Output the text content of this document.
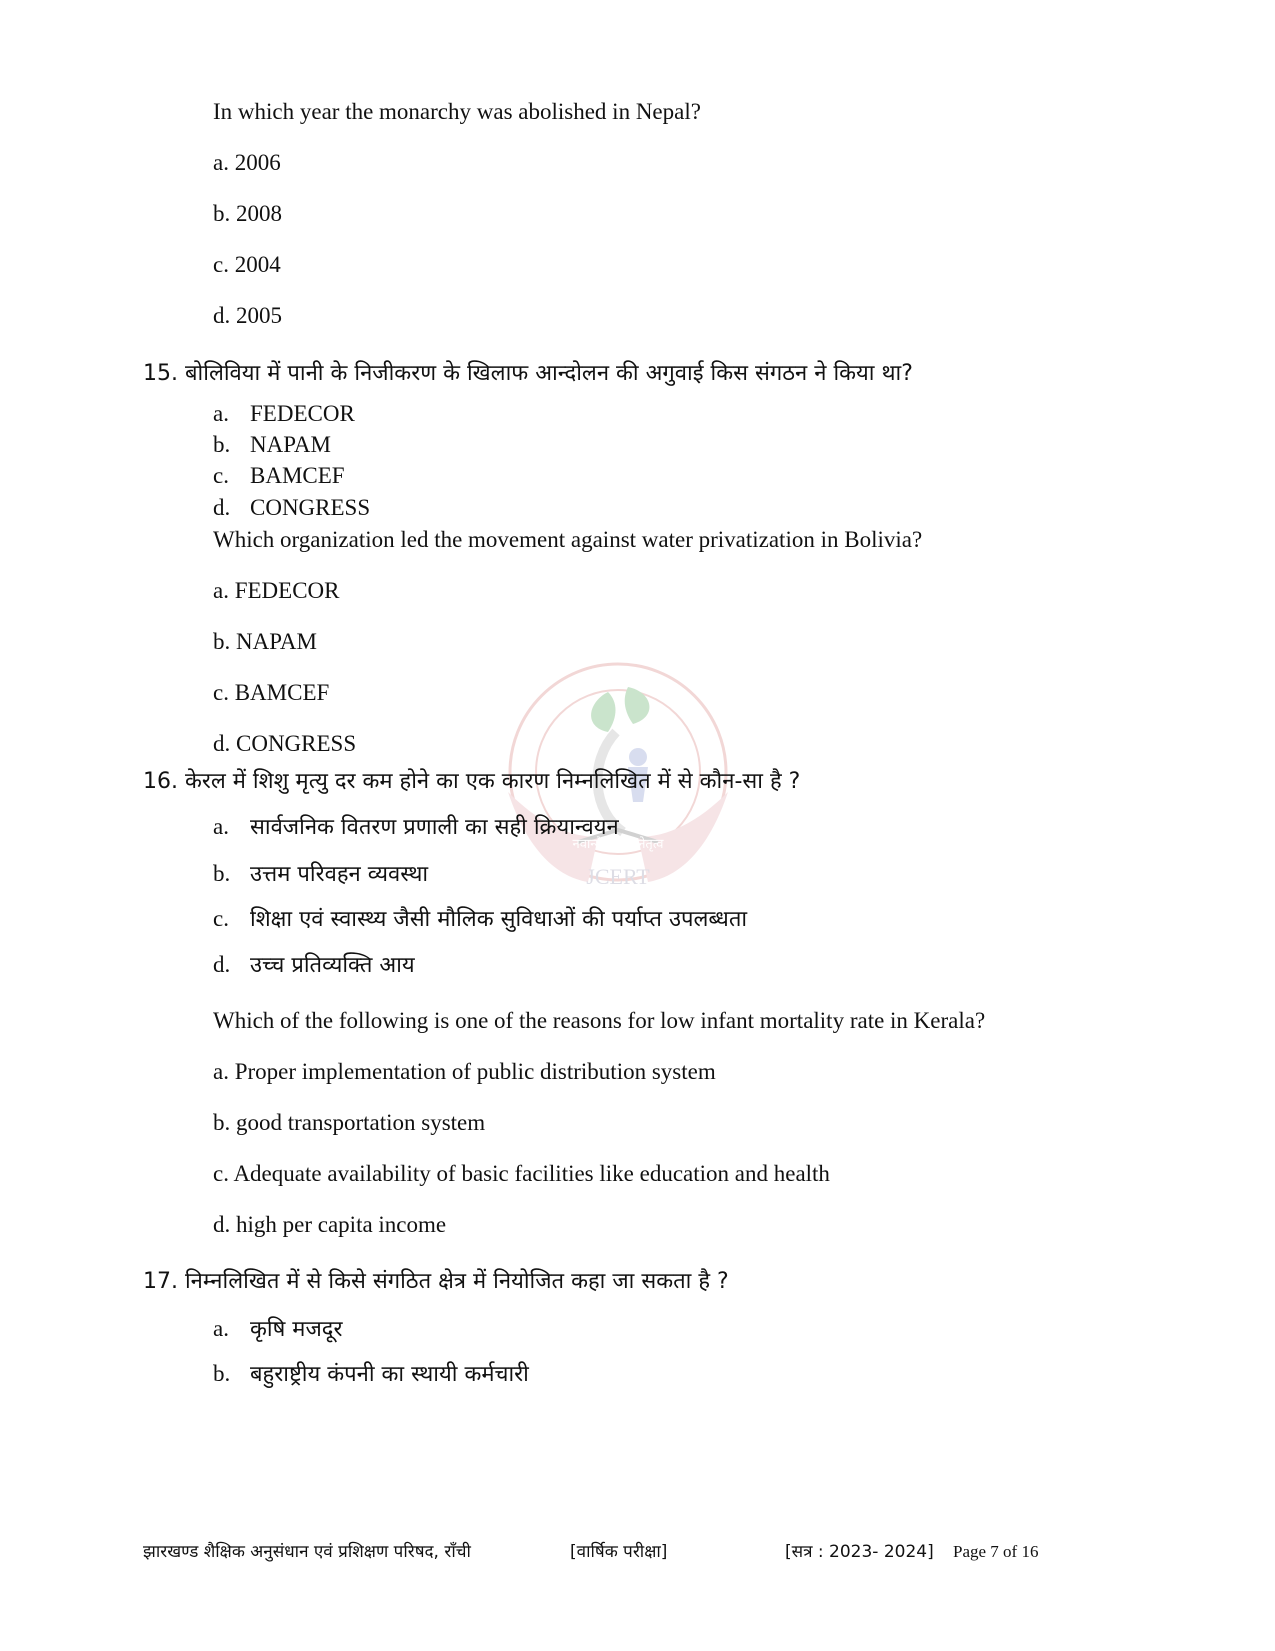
नवान्मेष शोध नेतृत्व
JCERT
In which year the monarchy was abolished in Nepal?
a. 2006
b. 2008
c. 2004
d. 2005
15. बोलिविया में पानी के निजीकरण के खिलाफ आन्दोलन की अगुवाई किस संगठन ने किया था?
a. FEDECOR
b. NAPAM
c. BAMCEF
d. CONGRESS
Which organization led the movement against water privatization in Bolivia?
a. FEDECOR
b. NAPAM
c. BAMCEF
d. CONGRESS
16. केरल में शिशु मृत्यु दर कम होने का एक कारण निम्नलिखित में से कौन-सा है ?
a. सार्वजनिक वितरण प्रणाली का सही क्रियान्वयन
b. उत्तम परिवहन व्यवस्था
c. शिक्षा एवं स्वास्थ्य जैसी मौलिक सुविधाओं की पर्याप्त उपलब्धता
d. उच्च प्रतिव्यक्ति आय
Which of the following is one of the reasons for low infant mortality rate in Kerala?
a. Proper implementation of public distribution system
b. good transportation system
c. Adequate availability of basic facilities like education and health
d. high per capita income
17. निम्नलिखित में से किसे संगठित क्षेत्र में नियोजित कहा जा सकता है ?
a. कृषि मजदूर
b. बहुराष्ट्रीय कंपनी का स्थायी कर्मचारी
झारखण्ड शैक्षिक अनुसंधान एवं प्रशिक्षण परिषद, राँची	[वार्षिक परीक्षा]	[सत्र : 2023- 2024] Page 7 of 16
